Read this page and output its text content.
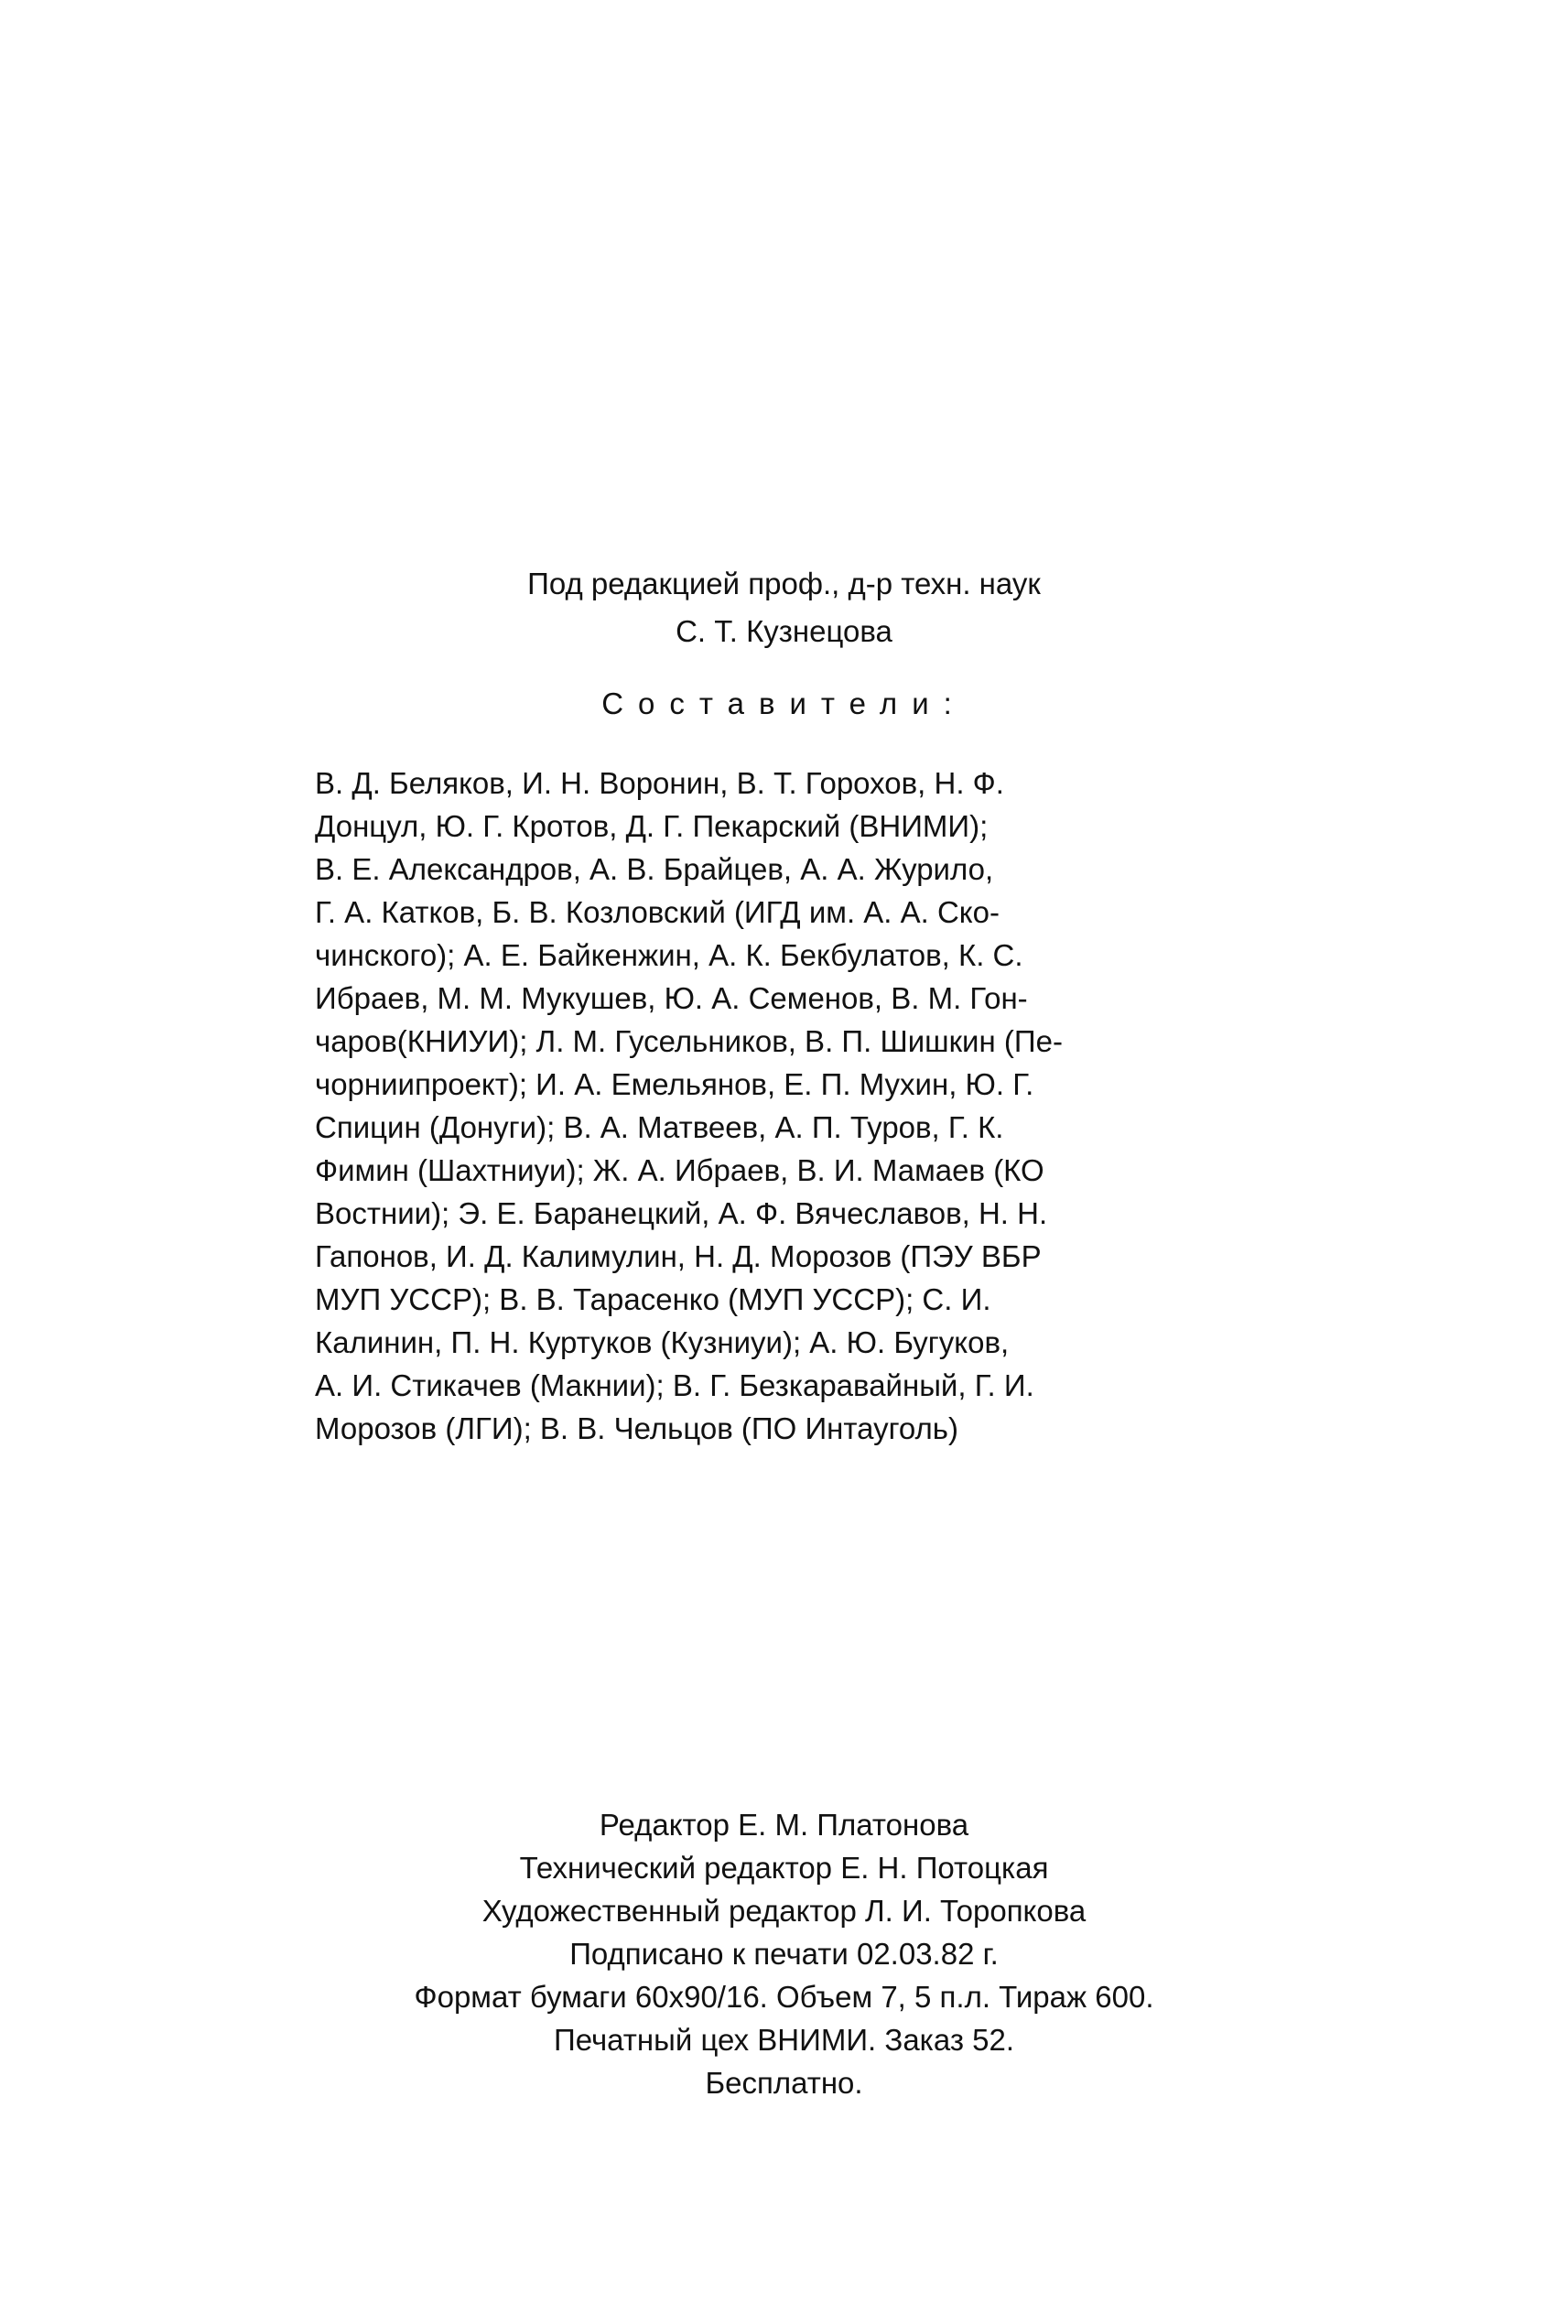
Под редакцией проф., д-р техн. наук
С. Т. Кузнецова
Составители:
В. Д. Беляков, И. Н. Воронин, В. Т. Горохов, Н. Ф.
Донцул, Ю. Г. Кротов, Д. Г. Пекарский (ВНИМИ);
В. Е. Александров, А. В. Брайцев, А. А. Журило,
Г. А. Катков, Б. В. Козловский (ИГД им. А. А. Ско-
чинского); А. Е. Байкенжин, А. К. Бекбулатов, К. С.
Ибраев, М. М. Мукушев, Ю. А. Семенов, В. М. Гон-
чаров(КНИУИ); Л. М. Гусельников, В. П. Шишкин (Пе-
чорниипроект); И. А. Емельянов, Е. П. Мухин, Ю. Г.
Спицин (Донуги); В. А. Матвеев, А. П. Туров, Г. К.
Фимин (Шахтниуи); Ж. А. Ибраев, В. И. Мамаев (КО
Востнии); Э. Е. Баранецкий, А. Ф. Вячеславов, Н. Н.
Гапонов, И. Д. Калимулин, Н. Д. Морозов (ПЭУ ВБР
МУП УССР); В. В. Тарасенко (МУП УССР); С. И.
Калинин, П. Н. Куртуков (Кузниуи); А. Ю. Бугуков,
А. И. Стикачев (Макнии); В. Г. Безкаравайный, Г. И.
Морозов (ЛГИ); В. В. Чельцов (ПО Интауголь)
Редактор Е. М. Платонова
Технический редактор Е. Н. Потоцкая
Художественный редактор Л. И. Торопкова
Подписано к печати 02.03.82 г.
Формат бумаги 60х90/16. Объем 7, 5 п.л. Тираж 600.
Печатный цех ВНИМИ. Заказ 52.
Бесплатно.
